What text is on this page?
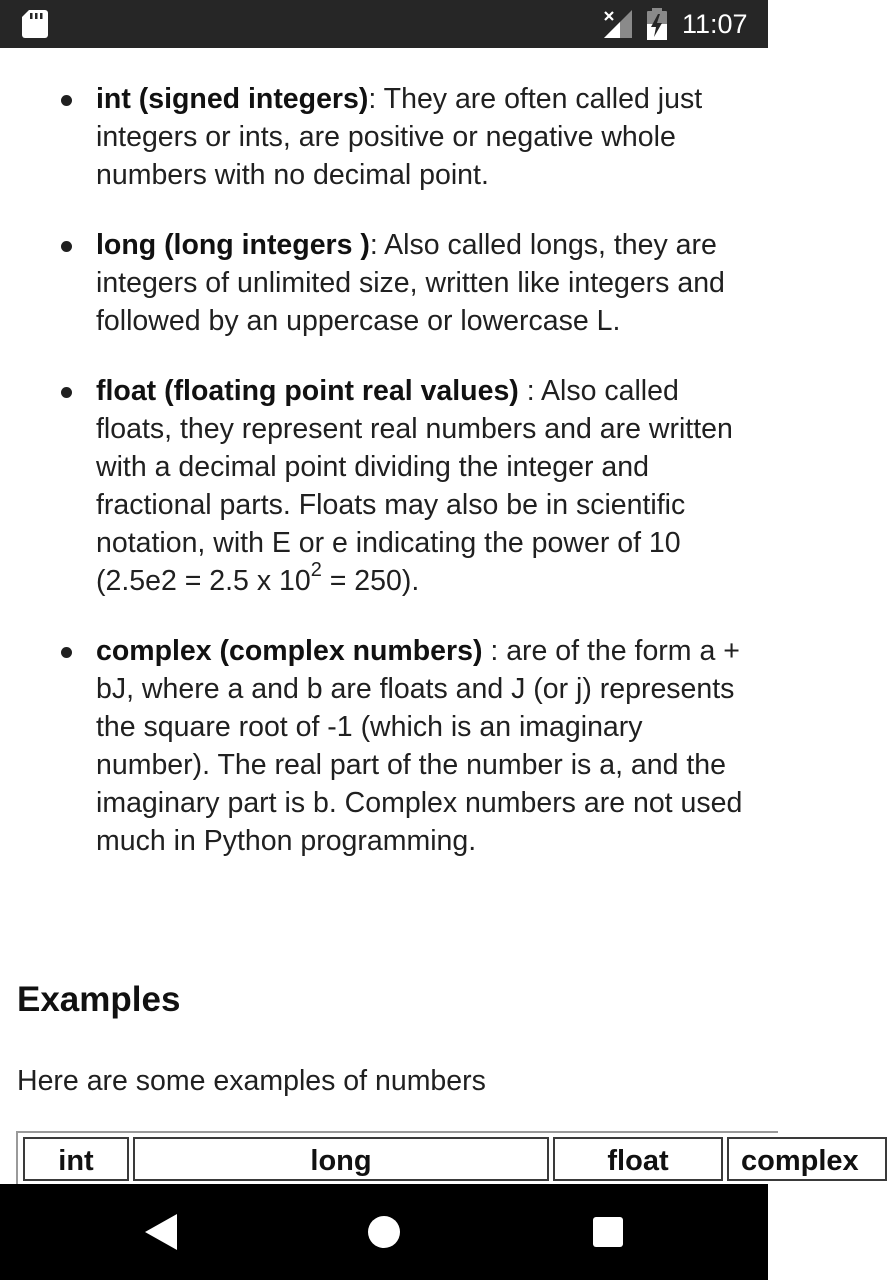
11:07
int (signed integers): They are often called just integers or ints, are positive or negative whole numbers with no decimal point.
long (long integers ): Also called longs, they are integers of unlimited size, written like integers and followed by an uppercase or lowercase L.
float (floating point real values) : Also called floats, they represent real numbers and are written with a decimal point dividing the integer and fractional parts. Floats may also be in scientific notation, with E or e indicating the power of 10 (2.5e2 = 2.5 x $10^2 = 250$).
complex (complex numbers) : are of the form a + bJ, where a and b are floats and J (or j) represents the square root of -1 (which is an imaginary number). The real part of the number is a, and the imaginary part is b. Complex numbers are not used much in Python programming.
Examples

Here are some examples of numbers

int	long	float	complex
